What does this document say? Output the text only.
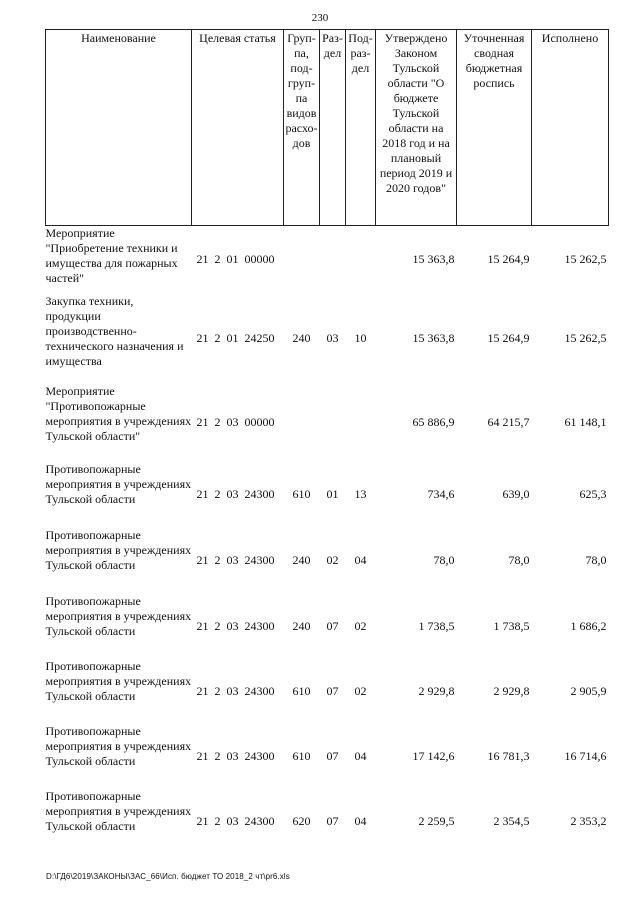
230
Наименование	Целевая статья	Груп-па, под-груп-па видов расхо-дов	Раз-дел	Под-раз-дел	Утверждено Законом Тульской области "О бюджете Тульской области на 2018 год и на плановый период 2019 и 2020 годов"	Уточненная сводная бюджетная роспись	Исполнено
Мероприятие "Приобретение техники и имущества для пожарных частей"	21 2 01 00000				15 363,8	15 264,9	15 262,5
Закупка техники, продукции производственно-технического назначения и имущества	21 2 01 24250	240	03	10	15 363,8	15 264,9	15 262,5
Мероприятие "Противопожарные мероприятия в учреждениях Тульской области"	21 2 03 00000				65 886,9	64 215,7	61 148,1
Противопожарные мероприятия в учреждениях Тульской области	21 2 03 24300	610	01	13	734,6	639,0	625,3
Противопожарные мероприятия в учреждениях Тульской области	21 2 03 24300	240	02	04	78,0	78,0	78,0
Противопожарные мероприятия в учреждениях Тульской области	21 2 03 24300	240	07	02	1 738,5	1 738,5	1 686,2
Противопожарные мероприятия в учреждениях Тульской области	21 2 03 24300	610	07	02	2 929,8	2 929,8	2 905,9
Противопожарные мероприятия в учреждениях Тульской области	21 2 03 24300	610	07	04	17 142,6	16 781,3	16 714,6
Противопожарные мероприятия в учреждениях Тульской области	21 2 03 24300	620	07	04	2 259,5	2 354,5	2 353,2
D:\ГД6\2019\ЗАКОНЫ\ЗАС_66\Исп. бюджет ТО 2018_2 чт\pr6.xls
